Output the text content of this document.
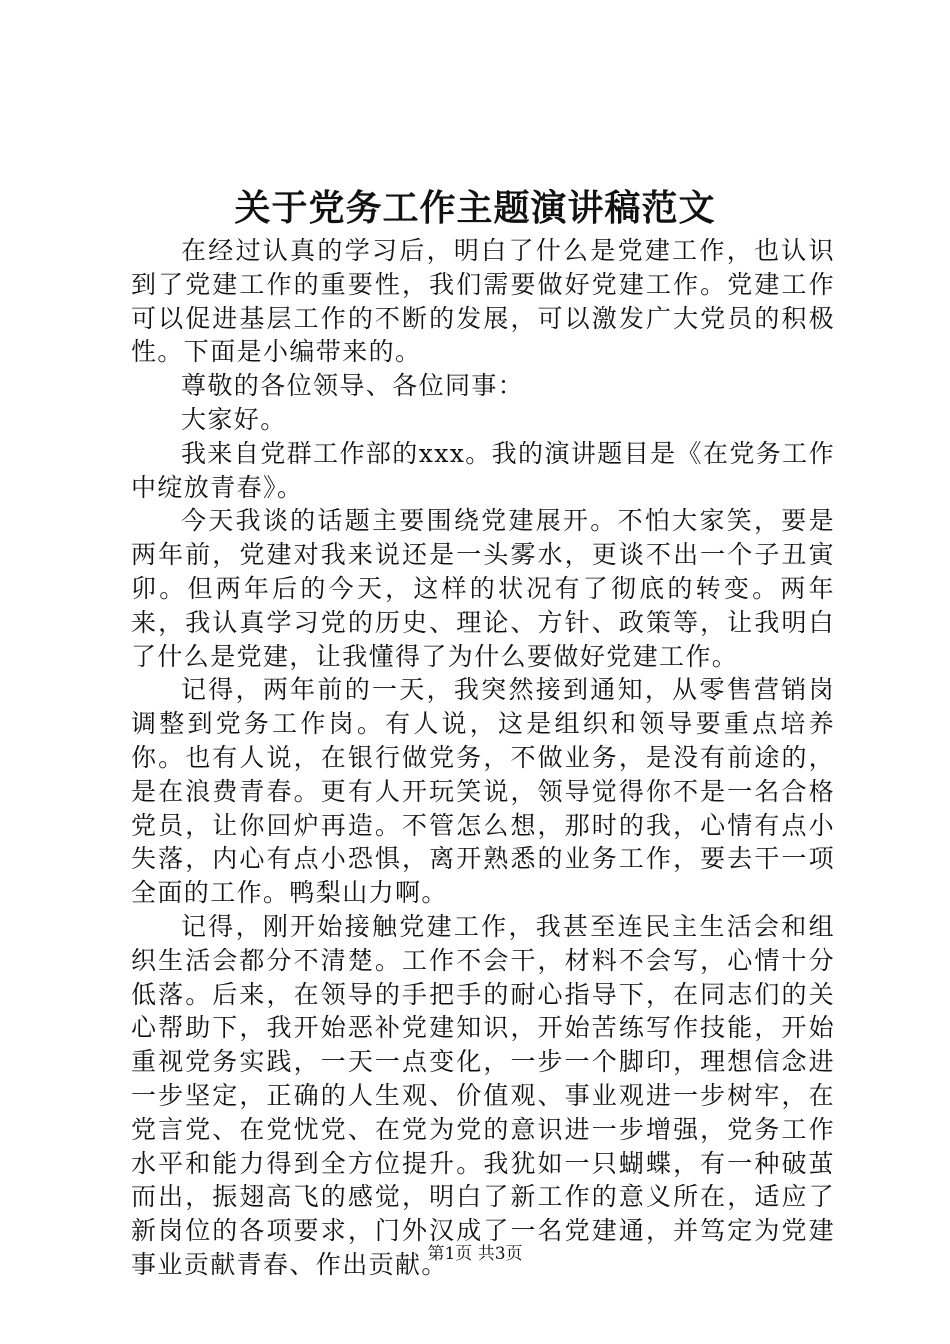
关于党务工作主题演讲稿范文

在经过认真的学习后，明白了什么是党建工作，也认识到了党建工作的重要性，我们需要做好党建工作。党建工作可以促进基层工作的不断的发展，可以激发广大党员的积极性。下面是小编带来的。

尊敬的各位领导、各位同事：

大家好。

我来自党群工作部的xxx。我的演讲题目是《在党务工作中绽放青春》。

今天我谈的话题主要围绕党建展开。不怕大家笑，要是两年前，党建对我来说还是一头雾水，更谈不出一个子丑寅卯。但两年后的今天，这样的状况有了彻底的转变。两年来，我认真学习党的历史、理论、方针、政策等，让我明白了什么是党建，让我懂得了为什么要做好党建工作。

记得，两年前的一天，我突然接到通知，从零售营销岗调整到党务工作岗。有人说，这是组织和领导要重点培养你。也有人说，在银行做党务，不做业务，是没有前途的，是在浪费青春。更有人开玩笑说，领导觉得你不是一名合格党员，让你回炉再造。不管怎么想，那时的我，心情有点小失落，内心有点小恐惧，离开熟悉的业务工作，要去干一项全面的工作。鸭梨山力啊。

记得，刚开始接触党建工作，我甚至连民主生活会和组织生活会都分不清楚。工作不会干，材料不会写，心情十分低落。后来，在领导的手把手的耐心指导下，在同志们的关心帮助下，我开始恶补党建知识，开始苦练写作技能，开始重视党务实践，一天一点变化，一步一个脚印，理想信念进一步坚定，正确的人生观、价值观、事业观进一步树牢，在党言党、在党忧党、在党为党的意识进一步增强，党务工作水平和能力得到全方位提升。我犹如一只蝴蝶，有一种破茧而出，振翅高飞的感觉，明白了新工作的意义所在，适应了新岗位的各项要求，门外汉成了一名党建通，并笃定为党建事业贡献青春、作出贡献。

第1页 共3页
